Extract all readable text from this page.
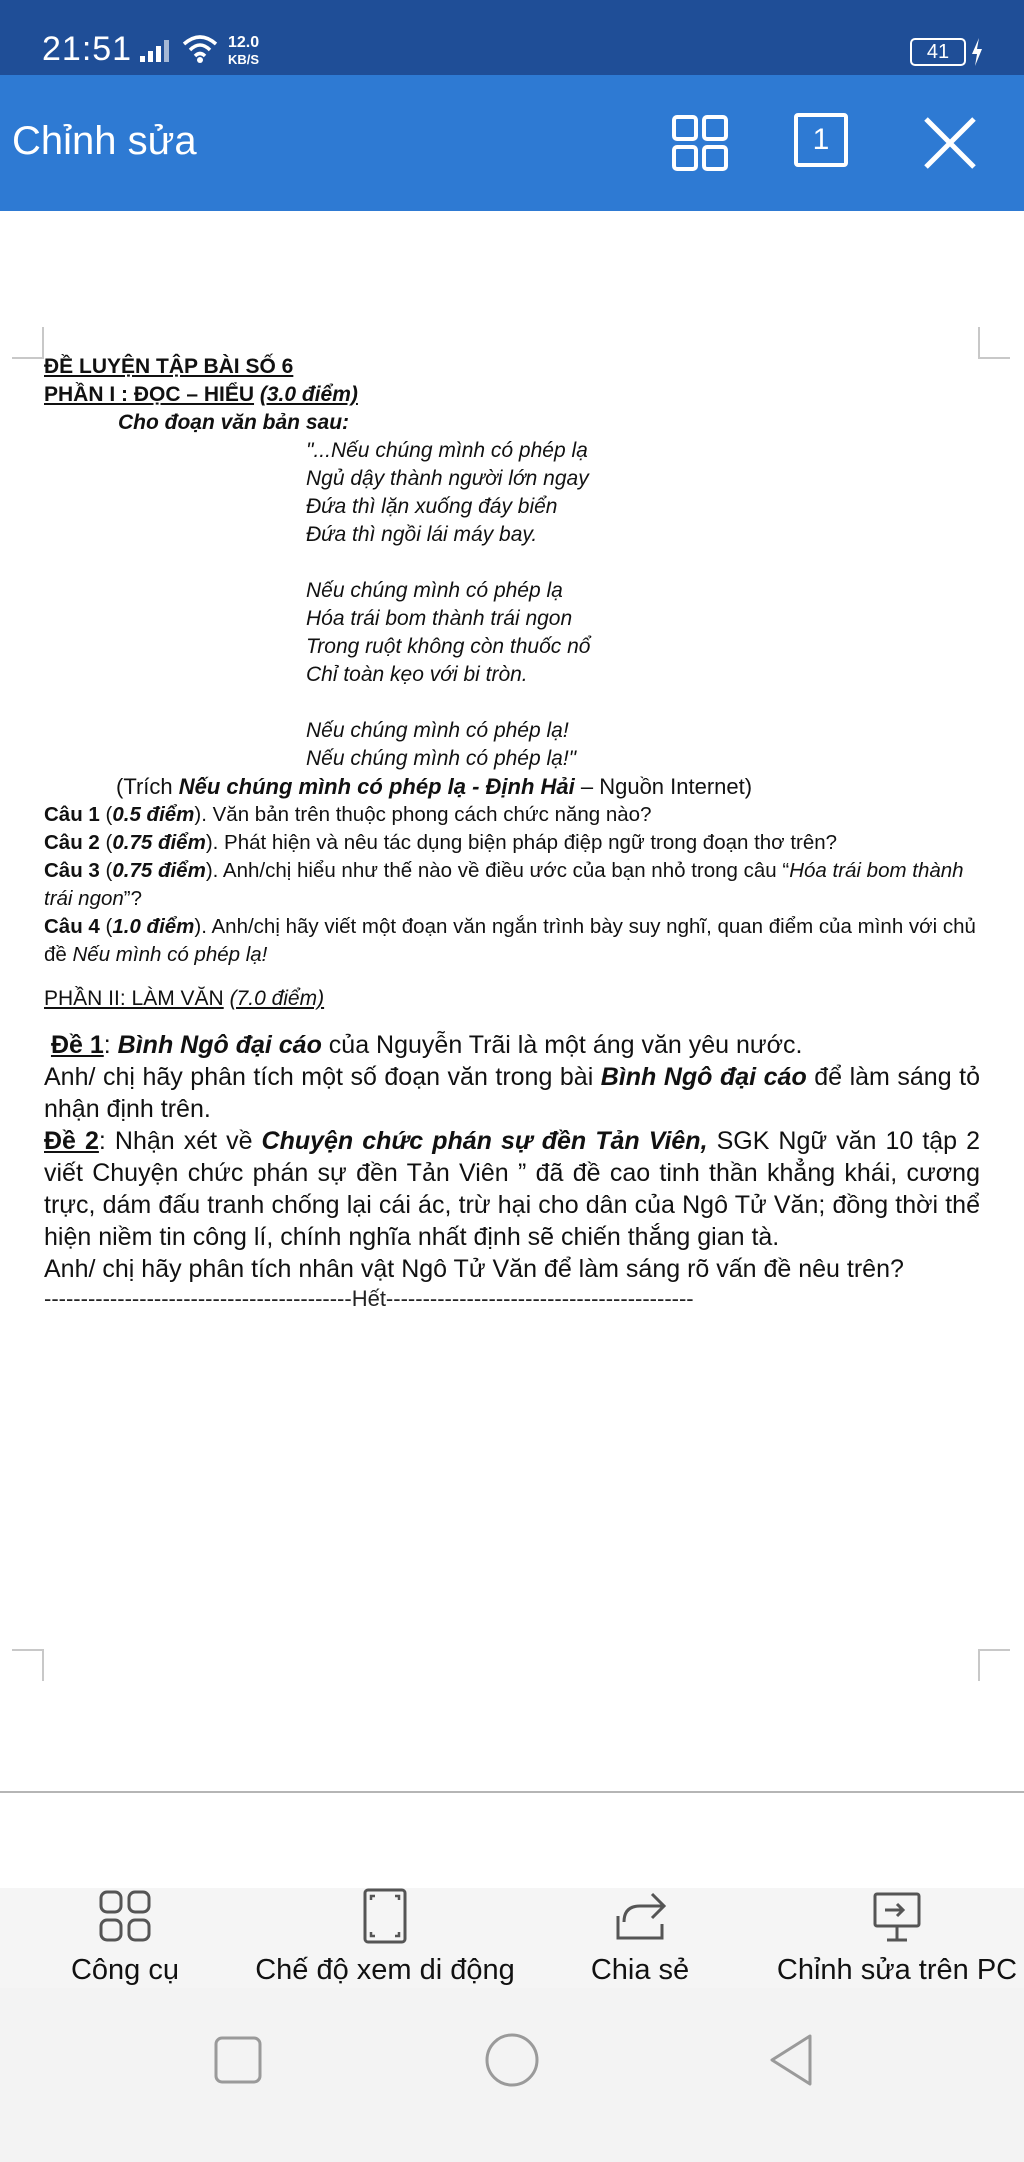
21:51	12.0
KB/S	41
Chỉnh sửa	1
ĐỀ LUYỆN TẬP BÀI SỐ 6
PHẦN I : ĐỌC – HIỂU (3.0 điểm)
Cho đoạn văn bản sau:
"...Nếu chúng mình có phép lạ
Ngủ dậy thành người lớn ngay
Đứa thì lặn xuống đáy biển
Đứa thì ngồi lái máy bay.
Nếu chúng mình có phép lạ
Hóa trái bom thành trái ngon
Trong ruột không còn thuốc nổ
Chỉ toàn kẹo với bi tròn.
Nếu chúng mình có phép lạ!
Nếu chúng mình có phép lạ!"
(Trích Nếu chúng mình có phép lạ - Định Hải – Nguồn Internet)
Câu 1 (0.5 điểm). Văn bản trên thuộc phong cách chức năng nào?
Câu 2 (0.75 điểm). Phát hiện và nêu tác dụng biện pháp điệp ngữ trong đoạn thơ trên?
Câu 3 (0.75 điểm). Anh/chị hiểu như thế nào về điều ước của bạn nhỏ trong câu “Hóa trái bom thành trái ngon”?
Câu 4 (1.0 điểm). Anh/chị hãy viết một đoạn văn ngắn trình bày suy nghĩ, quan điểm của mình với chủ đề Nếu mình có phép lạ!
PHẦN II: LÀM VĂN (7.0 điểm)
Đề 1: Bình Ngô đại cáo của Nguyễn Trãi là một áng văn yêu nước.
Anh/ chị hãy phân tích một số đoạn văn trong bài Bình Ngô đại cáo để làm sáng tỏ nhận định trên.
Đề 2: Nhận xét về Chuyện chức phán sự đền Tản Viên, SGK Ngữ văn 10 tập 2 viết Chuyện chức phán sự đền Tản Viên ” đã đề cao tinh thần khẳng khái, cương trực, dám đấu tranh chống lại cái ác, trừ hại cho dân của Ngô Tử Văn; đồng thời thể hiện niềm tin công lí, chính nghĩa nhất định sẽ chiến thắng gian tà.
Anh/ chị hãy phân tích nhân vật Ngô Tử Văn để làm sáng rõ vấn đề nêu trên?
------------------------------------------Hết------------------------------------------
Công cụ	Chế độ xem di động	Chia sẻ	Chỉnh sửa trên PC
